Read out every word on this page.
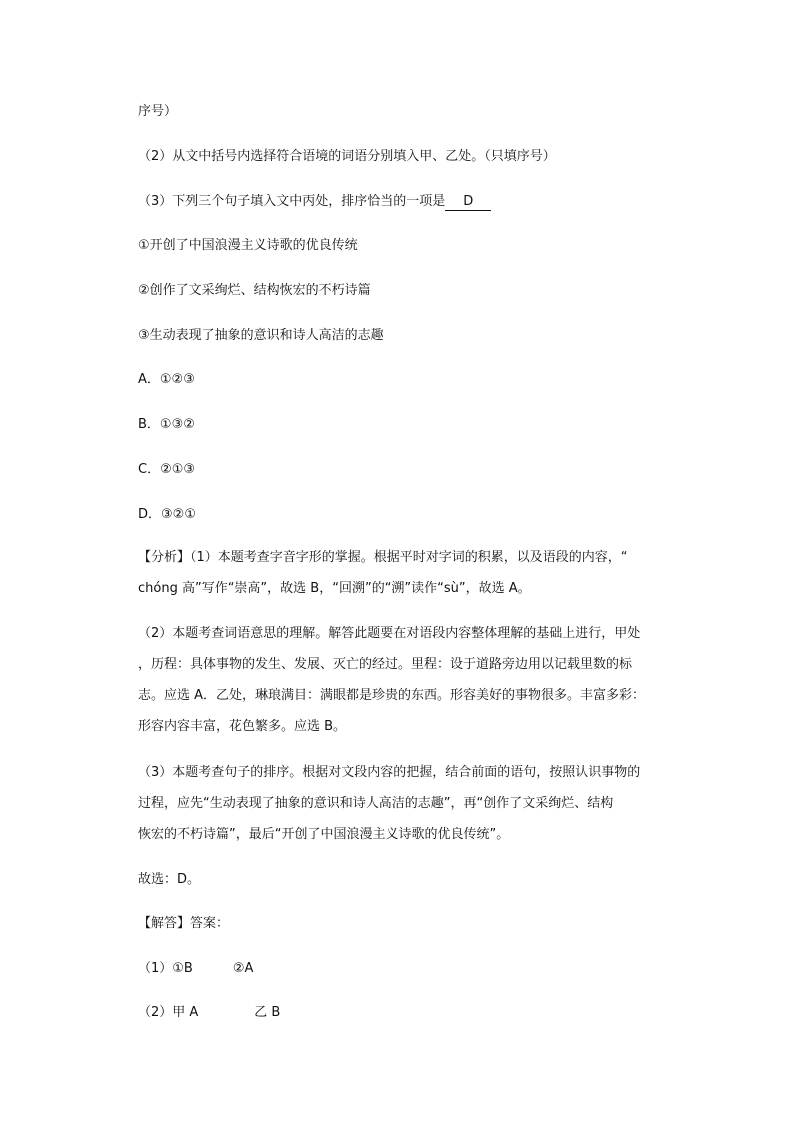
序号）
（2）从文中括号内选择符合语境的词语分别填入甲、乙处。（只填序号）
（3）下列三个句子填入文中丙处，排序恰当的一项是 D
①开创了中国浪漫主义诗歌的优良传统
②创作了文采绚烂、结构恢宏的不朽诗篇
③生动表现了抽象的意识和诗人高洁的志趣
A．①②③
B．①③②
C．②①③
D．③②①
【分析】（1）本题考查字音字形的掌握。根据平时对字词的积累，以及语段的内容，“
chóng 高”写作“崇高”，故选 B，“回溯”的“溯”读作“sù”，故选 A。
（2）本题考查词语意思的理解。解答此题要在对语段内容整体理解的基础上进行，甲处
，历程：具体事物的发生、发展、灭亡的经过。里程：设于道路旁边用以记载里数的标
志。应选 A．乙处，琳琅满目：满眼都是珍贵的东西。形容美好的事物很多。丰富多彩：
形容内容丰富，花色繁多。应选 B。
（3）本题考查句子的排序。根据对文段内容的把握，结合前面的语句，按照认识事物的
过程，应先“生动表现了抽象的意识和诗人高洁的志趣”，再“创作了文采绚烂、结构
恢宏的不朽诗篇”，最后“开创了中国浪漫主义诗歌的优良传统”。
故选：D。
【解答】答案：
（1）①B	②A
（2）甲 A	乙 B
